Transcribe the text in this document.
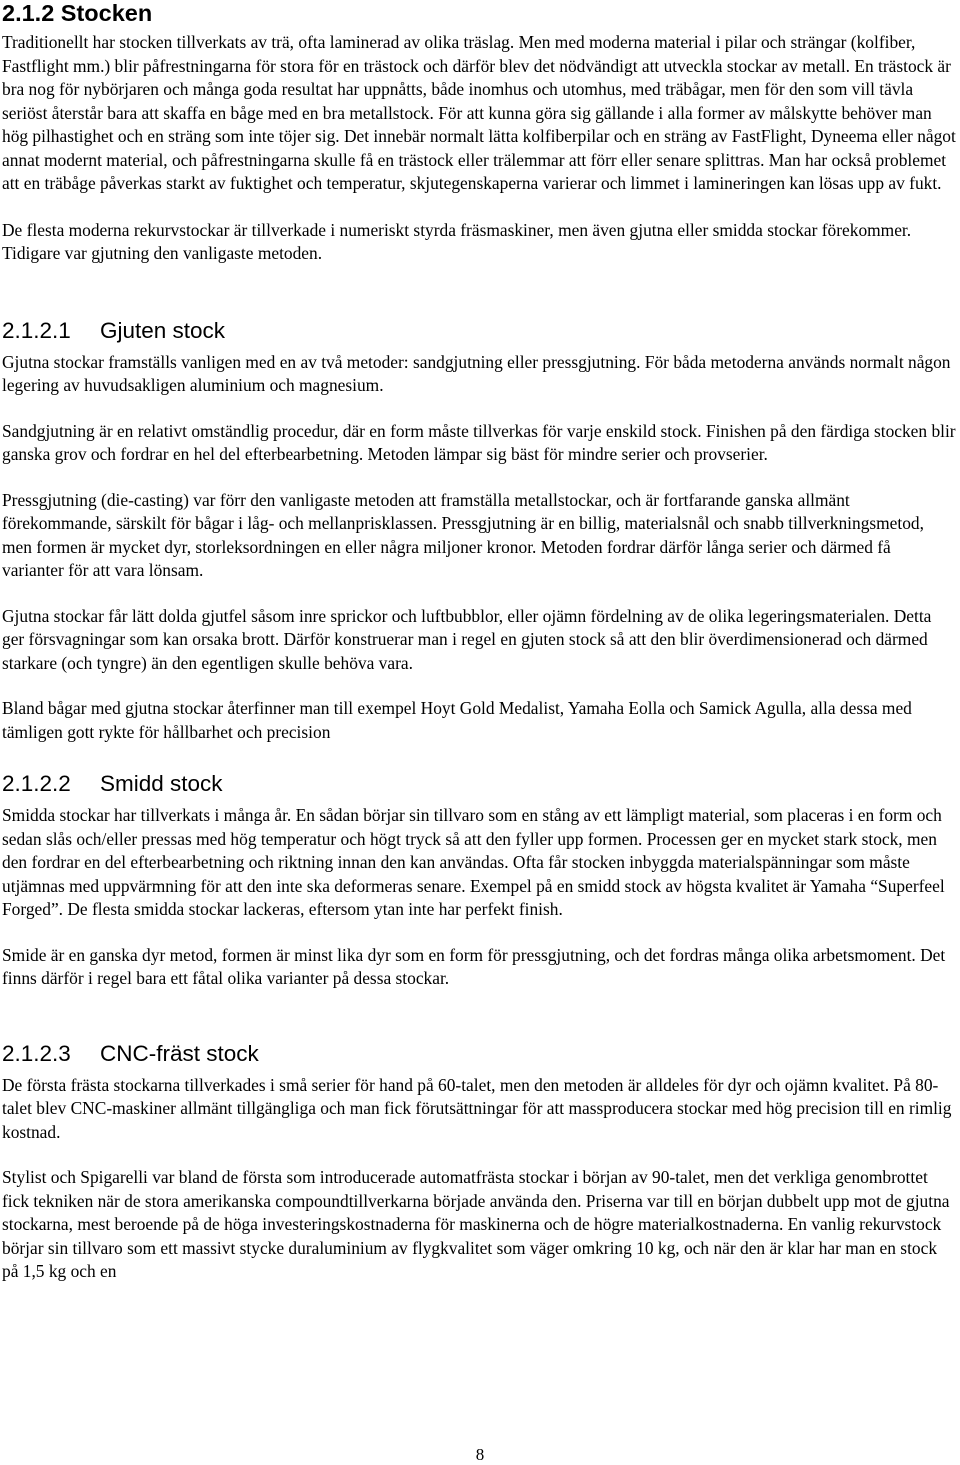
2.1.2 Stocken

Traditionellt har stocken tillverkats av trä, ofta laminerad av olika träslag. Men med moderna material i pilar och strängar (kolfiber, Fastflight mm.) blir påfrestningarna för stora för en trästock och därför blev det nödvändigt att utveckla stockar av metall. En trästock är bra nog för nybörjaren och många goda resultat har uppnåtts, både inomhus och utomhus, med träbågar, men för den som vill tävla seriöst återstår bara att skaffa en båge med en bra metallstock. För att kunna göra sig gällande i alla former av målskytte behöver man hög pilhastighet och en sträng som inte töjer sig. Det innebär normalt lätta kolfiberpilar och en sträng av FastFlight, Dyneema eller något annat modernt material, och påfrestningarna skulle få en trästock eller trälemmar att förr eller senare splittras. Man har också problemet att en träbåge påverkas starkt av fuktighet och temperatur, skjutegenskaperna varierar och limmet i lamineringen kan lösas upp av fukt.

De flesta moderna rekurvstockar är tillverkade i numeriskt styrda fräsmaskiner, men även gjutna eller smidda stockar förekommer. Tidigare var gjutning den vanligaste metoden.

2.1.2.1 Gjuten stock

Gjutna stockar framställs vanligen med en av två metoder: sandgjutning eller pressgjutning. För båda metoderna används normalt någon legering av huvudsakligen aluminium och magnesium.

Sandgjutning är en relativt omständlig procedur, där en form måste tillverkas för varje enskild stock. Finishen på den färdiga stocken blir ganska grov och fordrar en hel del efterbearbetning. Metoden lämpar sig bäst för mindre serier och provserier.

Pressgjutning (die-casting) var förr den vanligaste metoden att framställa metallstockar, och är fortfarande ganska allmänt förekommande, särskilt för bågar i låg- och mellanprisklassen. Pressgjutning är en billig, materialsnål och snabb tillverkningsmetod, men formen är mycket dyr, storleksordningen en eller några miljoner kronor. Metoden fordrar därför långa serier och därmed få varianter för att vara lönsam.

Gjutna stockar får lätt dolda gjutfel såsom inre sprickor och luftbubblor, eller ojämn fördelning av de olika legeringsmaterialen. Detta ger försvagningar som kan orsaka brott. Därför konstruerar man i regel en gjuten stock så att den blir överdimensionerad och därmed starkare (och tyngre) än den egentligen skulle behöva vara.

Bland bågar med gjutna stockar återfinner man till exempel Hoyt Gold Medalist, Yamaha Eolla och Samick Agulla, alla dessa med tämligen gott rykte för hållbarhet och precision

2.1.2.2 Smidd stock

Smidda stockar har tillverkats i många år. En sådan börjar sin tillvaro som en stång av ett lämpligt material, som placeras i en form och sedan slås och/eller pressas med hög temperatur och högt tryck så att den fyller upp formen. Processen ger en mycket stark stock, men den fordrar en del efterbearbetning och riktning innan den kan användas. Ofta får stocken inbyggda materialspänningar som måste utjämnas med uppvärmning för att den inte ska deformeras senare. Exempel på en smidd stock av högsta kvalitet är Yamaha “Superfeel Forged”. De flesta smidda stockar lackeras, eftersom ytan inte har perfekt finish.

Smide är en ganska dyr metod, formen är minst lika dyr som en form för pressgjutning, och det fordras många olika arbetsmoment. Det finns därför i regel bara ett fåtal olika varianter på dessa stockar.

2.1.2.3 CNC-fräst stock

De första frästa stockarna tillverkades i små serier för hand på 60-talet, men den metoden är alldeles för dyr och ojämn kvalitet. På 80-talet blev CNC-maskiner allmänt tillgängliga och man fick förutsättningar för att massproducera stockar med hög precision till en rimlig kostnad.

Stylist och Spigarelli var bland de första som introducerade automatfrästa stockar i början av 90-talet, men det verkliga genombrottet fick tekniken när de stora amerikanska compoundtillverkarna började använda den. Priserna var till en början dubbelt upp mot de gjutna stockarna, mest beroende på de höga investeringskostnaderna för maskinerna och de högre materialkostnaderna. En vanlig rekurvstock börjar sin tillvaro som ett massivt stycke duraluminium av flygkvalitet som väger omkring 10 kg, och när den är klar har man en stock på 1,5 kg och en

8
